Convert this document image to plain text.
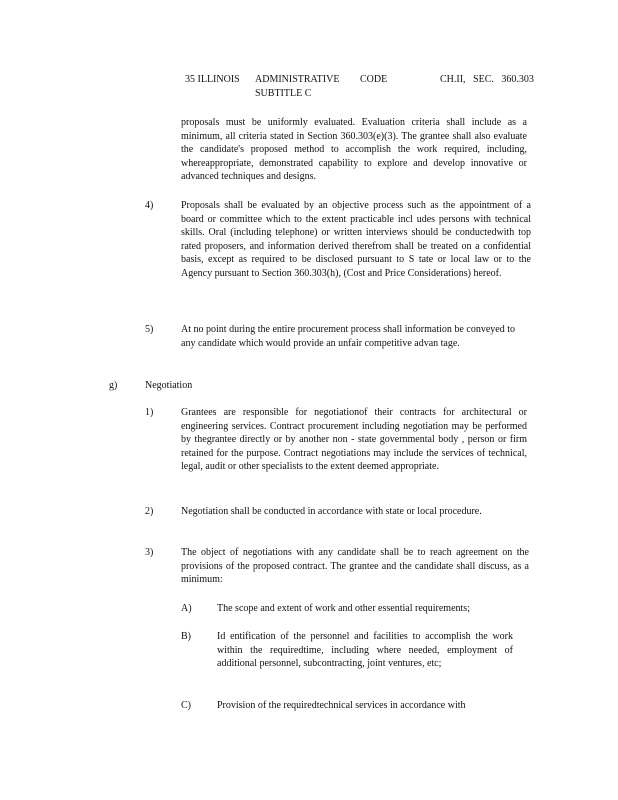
35 ILLINOIS	ADMINISTRATIVE	CODE	CH.II,   SEC.   360.303
SUBTITLE C
proposals must be uniformly evaluated. Evaluation criteria shall include as a minimum, all criteria stated in Section 360.303(e)(3). The grantee shall also evaluate the candidate's proposed method to accomplish the work required, including, whereappropriate, demonstrated capability to explore and develop innovative or advanced techniques and designs.
4)	Proposals shall be evaluated by an objective process such as the appointment of a board or committee which to the extent practicable incl udes persons with technical skills. Oral (including telephone) or written interviews should be conductedwith top rated proposers, and information derived therefrom shall be treated on a confidential basis, except as required to be disclosed pursuant to S tate or local law or to the Agency pursuant to Section 360.303(h), (Cost and Price Considerations) hereof.
5)	At no point during the entire procurement process shall information be conveyed to any candidate which would provide an unfair competitive advan tage.
g)	Negotiation
1)	Grantees are responsible for negotiationof their contracts for architectural or engineering services. Contract procurement including negotiation may be performed by thegrantee directly or by another non - state governmental body , person or firm retained for the purpose. Contract negotiations may include the services of technical, legal, audit or other specialists to the extent deemed appropriate.
2)	Negotiation shall be conducted in accordance with state or local procedure.
3)	The object of negotiations with any candidate shall be to reach agreement on the provisions of the proposed contract. The grantee and the candidate shall discuss, as a minimum:
A)	The scope and extent of work and other essential requirements;
B)	Id entification of the personnel and facilities to accomplish the work within the requiredtime, including where needed, employment of additional personnel, subcontracting, joint ventures, etc;
C)	Provision of the requiredtechnical services in accordance with
